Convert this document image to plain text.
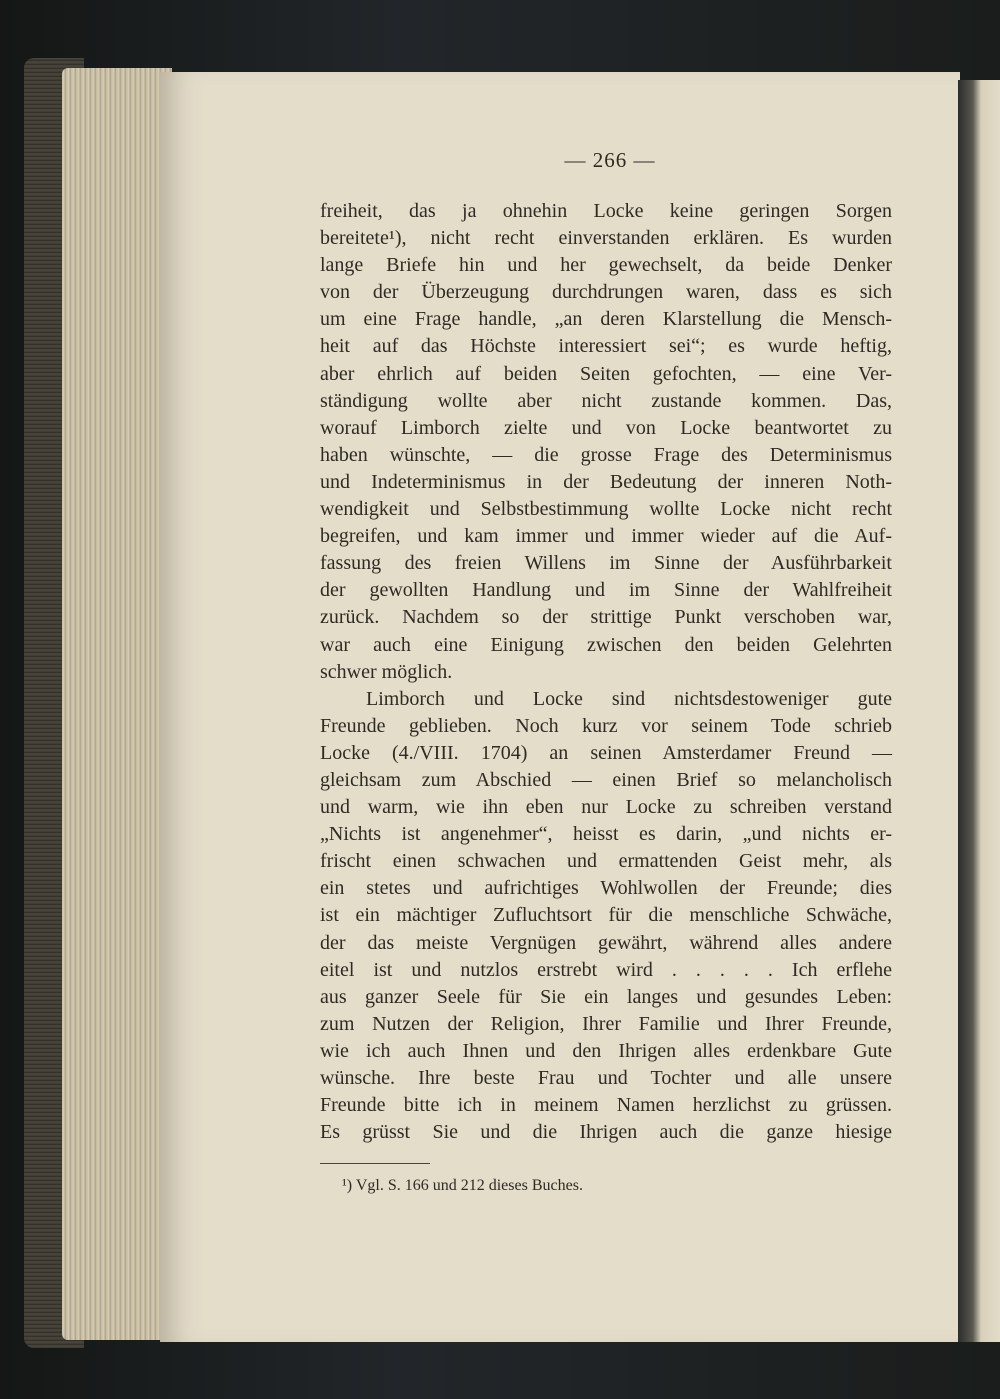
— 266 —
freiheit, das ja ohnehin Locke keine geringen Sorgen
bereitete¹), nicht recht einverstanden erklären. Es wurden
lange Briefe hin und her gewechselt, da beide Denker
von der Überzeugung durchdrungen waren, dass es sich
um eine Frage handle, „an deren Klarstellung die Mensch-
heit auf das Höchste interessiert sei“; es wurde heftig,
aber ehrlich auf beiden Seiten gefochten, — eine Ver-
ständigung wollte aber nicht zustande kommen. Das,
worauf Limborch zielte und von Locke beantwortet zu
haben wünschte, — die grosse Frage des Determinismus
und Indeterminismus in der Bedeutung der inneren Noth-
wendigkeit und Selbstbestimmung wollte Locke nicht recht
begreifen, und kam immer und immer wieder auf die Auf-
fassung des freien Willens im Sinne der Ausführbarkeit
der gewollten Handlung und im Sinne der Wahlfreiheit
zurück. Nachdem so der strittige Punkt verschoben war,
war auch eine Einigung zwischen den beiden Gelehrten
schwer möglich.
Limborch und Locke sind nichtsdestoweniger gute
Freunde geblieben. Noch kurz vor seinem Tode schrieb
Locke (4./VIII. 1704) an seinen Amsterdamer Freund —
gleichsam zum Abschied — einen Brief so melancholisch
und warm, wie ihn eben nur Locke zu schreiben verstand
„Nichts ist angenehmer“, heisst es darin, „und nichts er-
frischt einen schwachen und ermattenden Geist mehr, als
ein stetes und aufrichtiges Wohlwollen der Freunde; dies
ist ein mächtiger Zufluchtsort für die menschliche Schwäche,
der das meiste Vergnügen gewährt, während alles andere
eitel ist und nutzlos erstrebt wird . . . . . Ich erflehe
aus ganzer Seele für Sie ein langes und gesundes Leben:
zum Nutzen der Religion, Ihrer Familie und Ihrer Freunde,
wie ich auch Ihnen und den Ihrigen alles erdenkbare Gute
wünsche. Ihre beste Frau und Tochter und alle unsere
Freunde bitte ich in meinem Namen herzlichst zu grüssen.
Es grüsst Sie und die Ihrigen auch die ganze hiesige
¹) Vgl. S. 166 und 212 dieses Buches.
